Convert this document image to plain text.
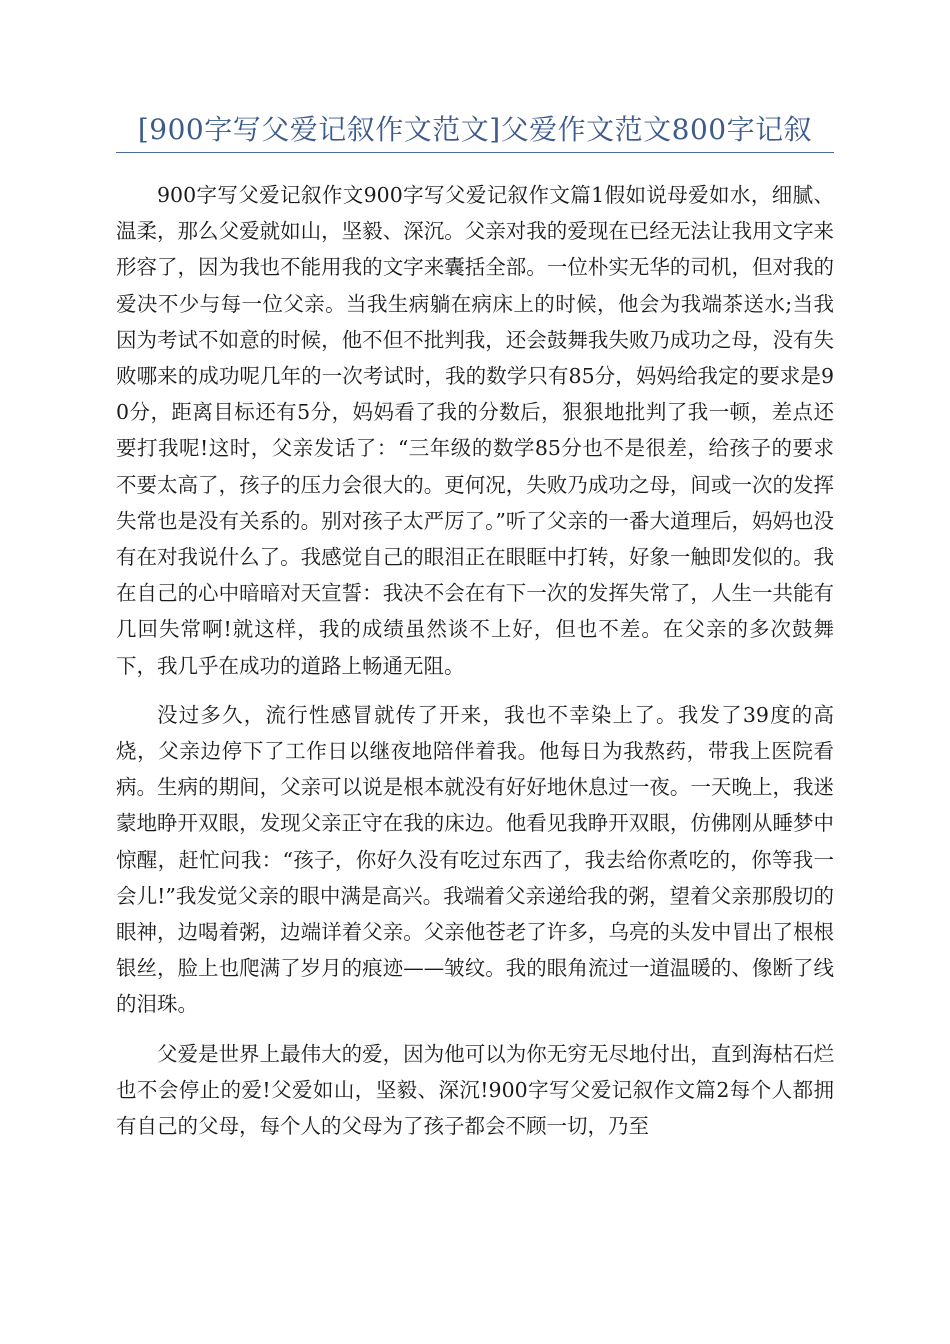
[900字写父爱记叙作文范文]父爱作文范文800字记叙

900字写父爱记叙作文900字写父爱记叙作文篇1假如说母爱如水，细腻、温柔，那么父爱就如山，坚毅、深沉。父亲对我的爱现在已经无法让我用文字来形容了，因为我也不能用我的文字来囊括全部。一位朴实无华的司机，但对我的爱决不少与每一位父亲。当我生病躺在病床上的时候，他会为我端茶送水;当我因为考试不如意的时候，他不但不批判我，还会鼓舞我失败乃成功之母，没有失败哪来的成功呢几年的一次考试时，我的数学只有85分，妈妈给我定的要求是90分，距离目标还有5分，妈妈看了我的分数后，狠狠地批判了我一顿，差点还要打我呢!这时，父亲发话了：“三年级的数学85分也不是很差，给孩子的要求不要太高了，孩子的压力会很大的。更何况，失败乃成功之母，间或一次的发挥失常也是没有关系的。别对孩子太严厉了。”听了父亲的一番大道理后，妈妈也没有在对我说什么了。我感觉自己的眼泪正在眼眶中打转，好象一触即发似的。我在自己的心中暗暗对天宣誓：我决不会在有下一次的发挥失常了，人生一共能有几回失常啊!就这样，我的成绩虽然谈不上好，但也不差。在父亲的多次鼓舞下，我几乎在成功的道路上畅通无阻。

没过多久，流行性感冒就传了开来，我也不幸染上了。我发了39度的高烧，父亲边停下了工作日以继夜地陪伴着我。他每日为我熬药，带我上医院看病。生病的期间，父亲可以说是根本就没有好好地休息过一夜。一天晚上，我迷蒙地睁开双眼，发现父亲正守在我的床边。他看见我睁开双眼，仿佛刚从睡梦中惊醒，赶忙问我：“孩子，你好久没有吃过东西了，我去给你煮吃的，你等我一会儿!”我发觉父亲的眼中满是高兴。我端着父亲递给我的粥，望着父亲那殷切的眼神，边喝着粥，边端详着父亲。父亲他苍老了许多，乌亮的头发中冒出了根根银丝，脸上也爬满了岁月的痕迹——皱纹。我的眼角流过一道温暖的、像断了线的泪珠。

父爱是世界上最伟大的爱，因为他可以为你无穷无尽地付出，直到海枯石烂也不会停止的爱!父爱如山，坚毅、深沉!900字写父爱记叙作文篇2每个人都拥有自己的父母，每个人的父母为了孩子都会不顾一切，乃至
